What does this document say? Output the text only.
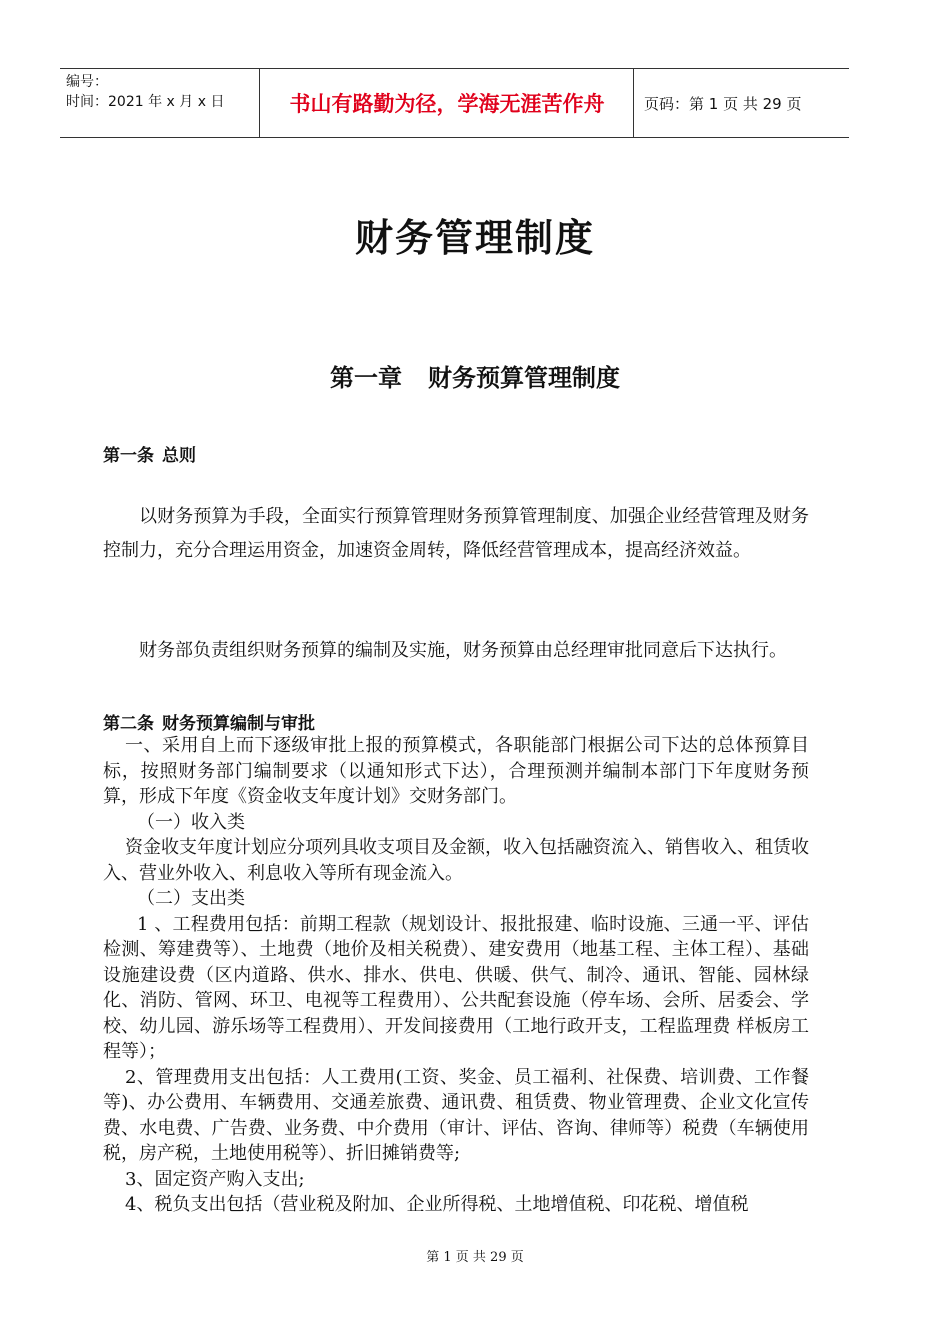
编号：
时间：2021 年 x 月 x 日	书山有路勤为径，学海无涯苦作舟	页码：第 1 页 共 29 页
财务管理制度
第一章 财务预算管理制度
第一条 总则
以财务预算为手段，全面实行预算管理财务预算管理制度、加强企业经营管理及财务控制力，充分合理运用资金，加速资金周转，降低经营管理成本，提高经济效益。
财务部负责组织财务预算的编制及实施，财务预算由总经理审批同意后下达执行。
第二条 财务预算编制与审批

一、采用自上而下逐级审批上报的预算模式，各职能部门根据公司下达的总体预算目标，按照财务部门编制要求（以通知形式下达），合理预测并编制本部门下年度财务预算，形成下年度《资金收支年度计划》交财务部门。

（一）收入类

资金收支年度计划应分项列具收支项目及金额，收入包括融资流入、销售收入、租赁收入、营业外收入、利息收入等所有现金流入。

（二）支出类

1 、工程费用包括：前期工程款（规划设计、报批报建、临时设施、三通一平、评估检测、筹建费等）、土地费（地价及相关税费）、建安费用（地基工程、主体工程）、基础设施建设费（区内道路、供水、排水、供电、供暖、供气、制冷、通讯、智能、园林绿化、消防、管网、环卫、电视等工程费用）、公共配套设施（停车场、会所、居委会、学校、幼儿园、游乐场等工程费用）、开发间接费用（工地行政开支，工程监理费 样板房工程等）；

2、管理费用支出包括：人工费用(工资、奖金、员工福利、社保费、培训费、工作餐等)、办公费用、车辆费用、交通差旅费、通讯费、租赁费、物业管理费、企业文化宣传费、水电费、广告费、业务费、中介费用（审计、评估、咨询、律师等）税费（车辆使用税，房产税，土地使用税等）、折旧摊销费等;

3、固定资产购入支出;

4、税负支出包括（营业税及附加、企业所得税、土地增值税、印花税、增值税

第 1 页 共 29 页
